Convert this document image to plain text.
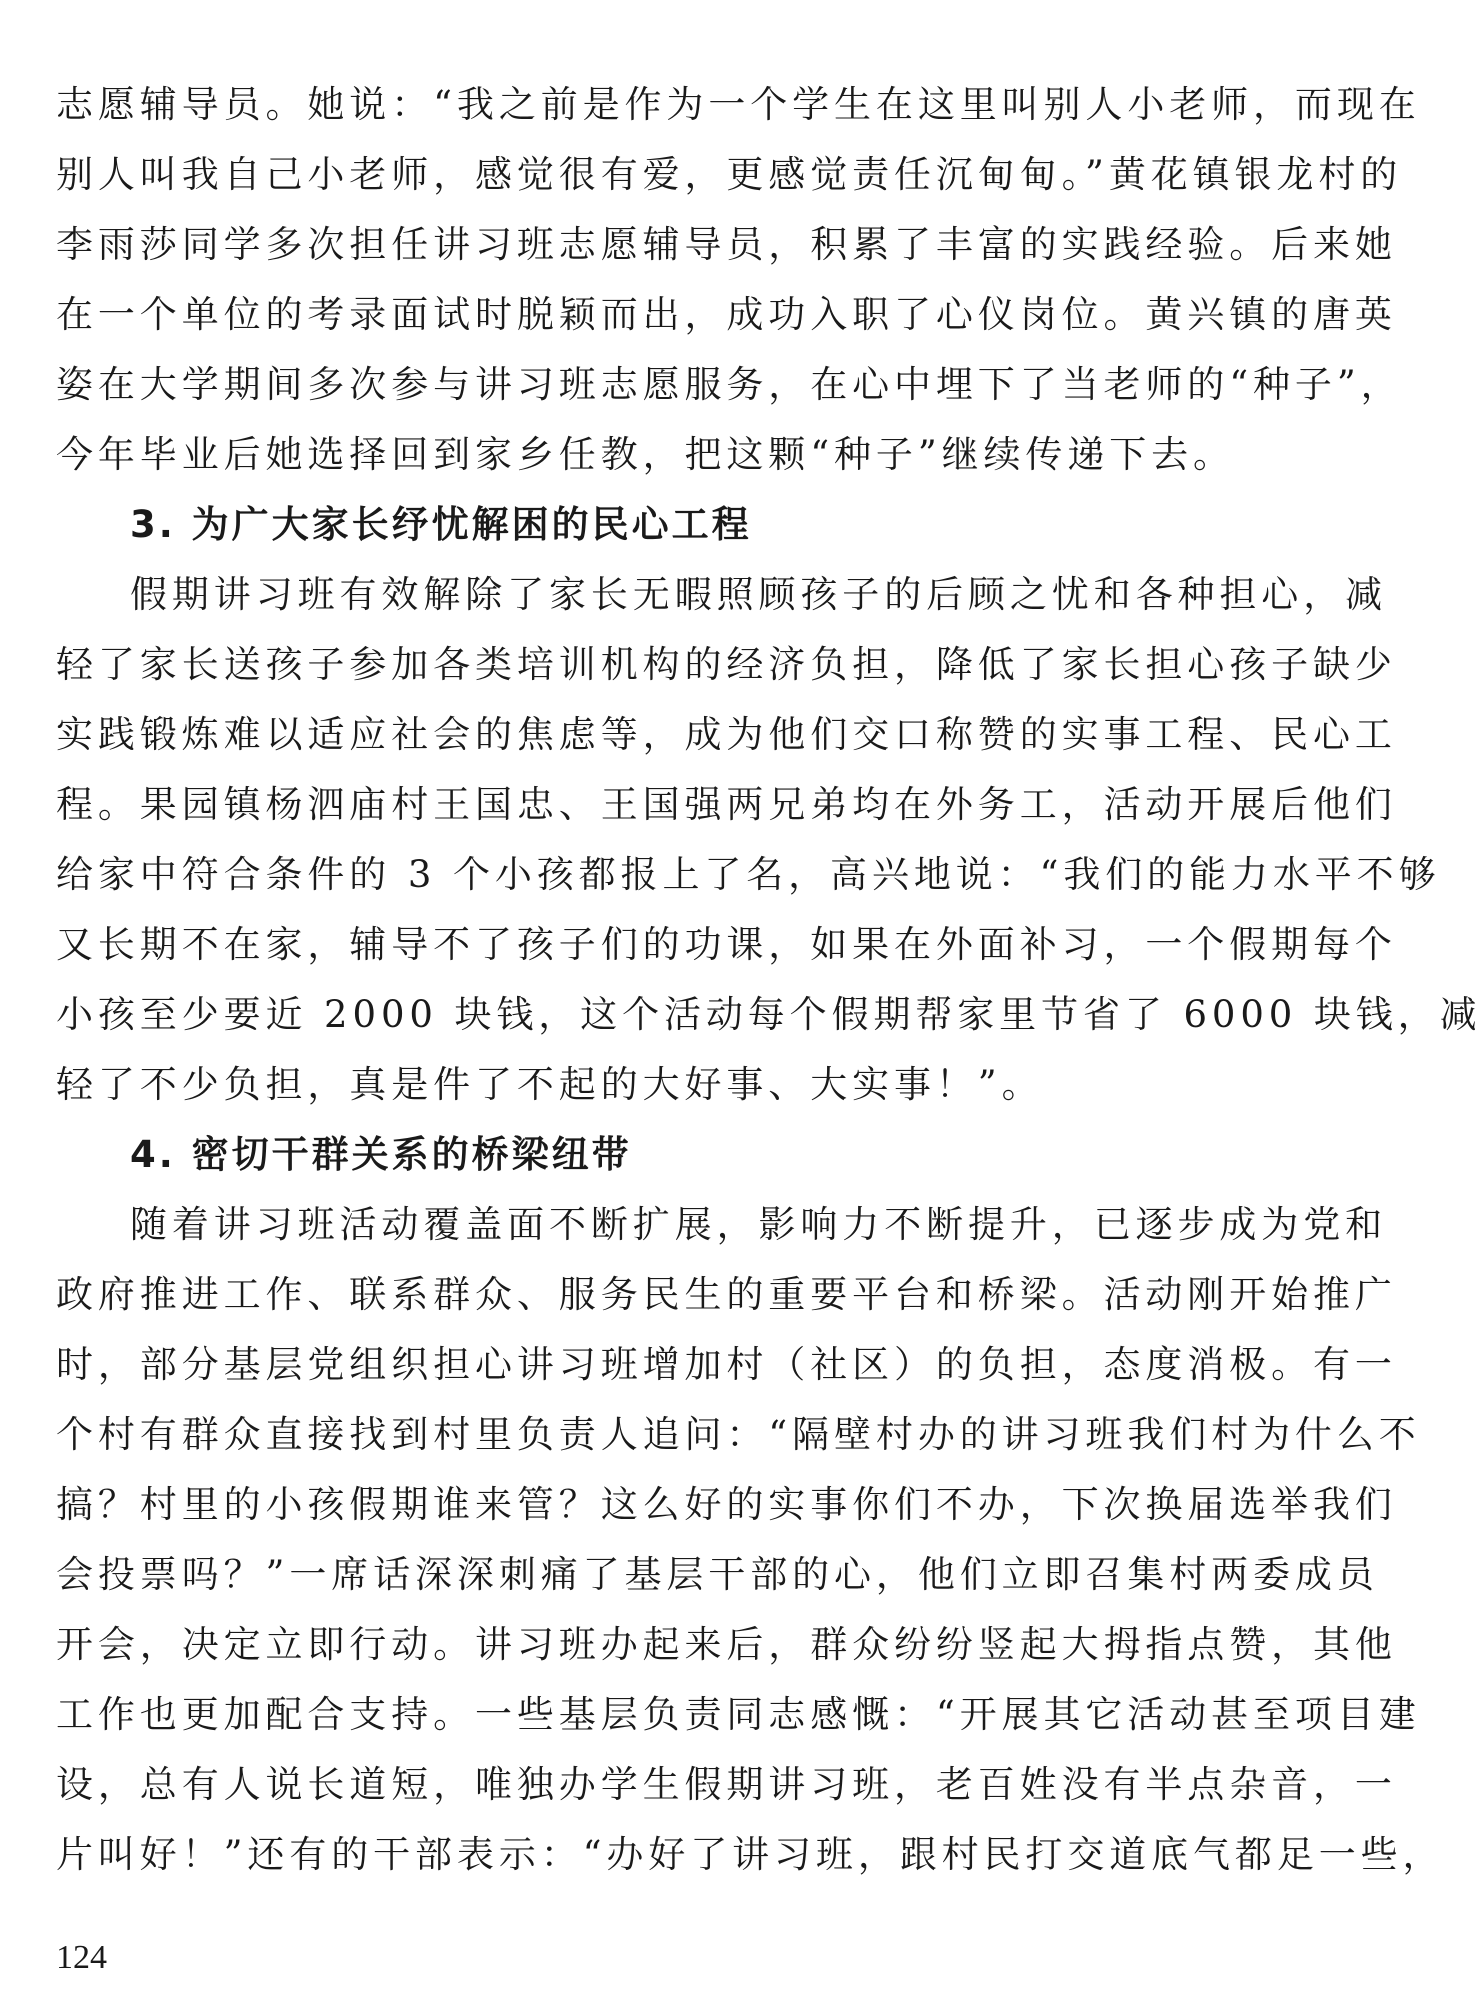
志愿辅导员。她说：“我之前是作为一个学生在这里叫别人小老师，而现在
别人叫我自己小老师，感觉很有爱，更感觉责任沉甸甸。”黄花镇银龙村的
李雨莎同学多次担任讲习班志愿辅导员，积累了丰富的实践经验。后来她
在一个单位的考录面试时脱颖而出，成功入职了心仪岗位。黄兴镇的唐英
姿在大学期间多次参与讲习班志愿服务，在心中埋下了当老师的“种子”，
今年毕业后她选择回到家乡任教，把这颗“种子”继续传递下去。
3. 为广大家长纾忧解困的民心工程
假期讲习班有效解除了家长无暇照顾孩子的后顾之忧和各种担心，减
轻了家长送孩子参加各类培训机构的经济负担，降低了家长担心孩子缺少
实践锻炼难以适应社会的焦虑等，成为他们交口称赞的实事工程、民心工
程。果园镇杨泗庙村王国忠、王国强两兄弟均在外务工，活动开展后他们
给家中符合条件的 3 个小孩都报上了名，高兴地说：“我们的能力水平不够
又长期不在家，辅导不了孩子们的功课，如果在外面补习，一个假期每个
小孩至少要近 2000 块钱，这个活动每个假期帮家里节省了 6000 块钱，减
轻了不少负担，真是件了不起的大好事、大实事！”。
4. 密切干群关系的桥梁纽带
随着讲习班活动覆盖面不断扩展，影响力不断提升，已逐步成为党和
政府推进工作、联系群众、服务民生的重要平台和桥梁。活动刚开始推广
时，部分基层党组织担心讲习班增加村（社区）的负担，态度消极。有一
个村有群众直接找到村里负责人追问：“隔壁村办的讲习班我们村为什么不
搞？村里的小孩假期谁来管？这么好的实事你们不办，下次换届选举我们
会投票吗？”一席话深深刺痛了基层干部的心，他们立即召集村两委成员
开会，决定立即行动。讲习班办起来后，群众纷纷竖起大拇指点赞，其他
工作也更加配合支持。一些基层负责同志感慨：“开展其它活动甚至项目建
设，总有人说长道短，唯独办学生假期讲习班，老百姓没有半点杂音，一
片叫好！”还有的干部表示：“办好了讲习班，跟村民打交道底气都足一些，
124
